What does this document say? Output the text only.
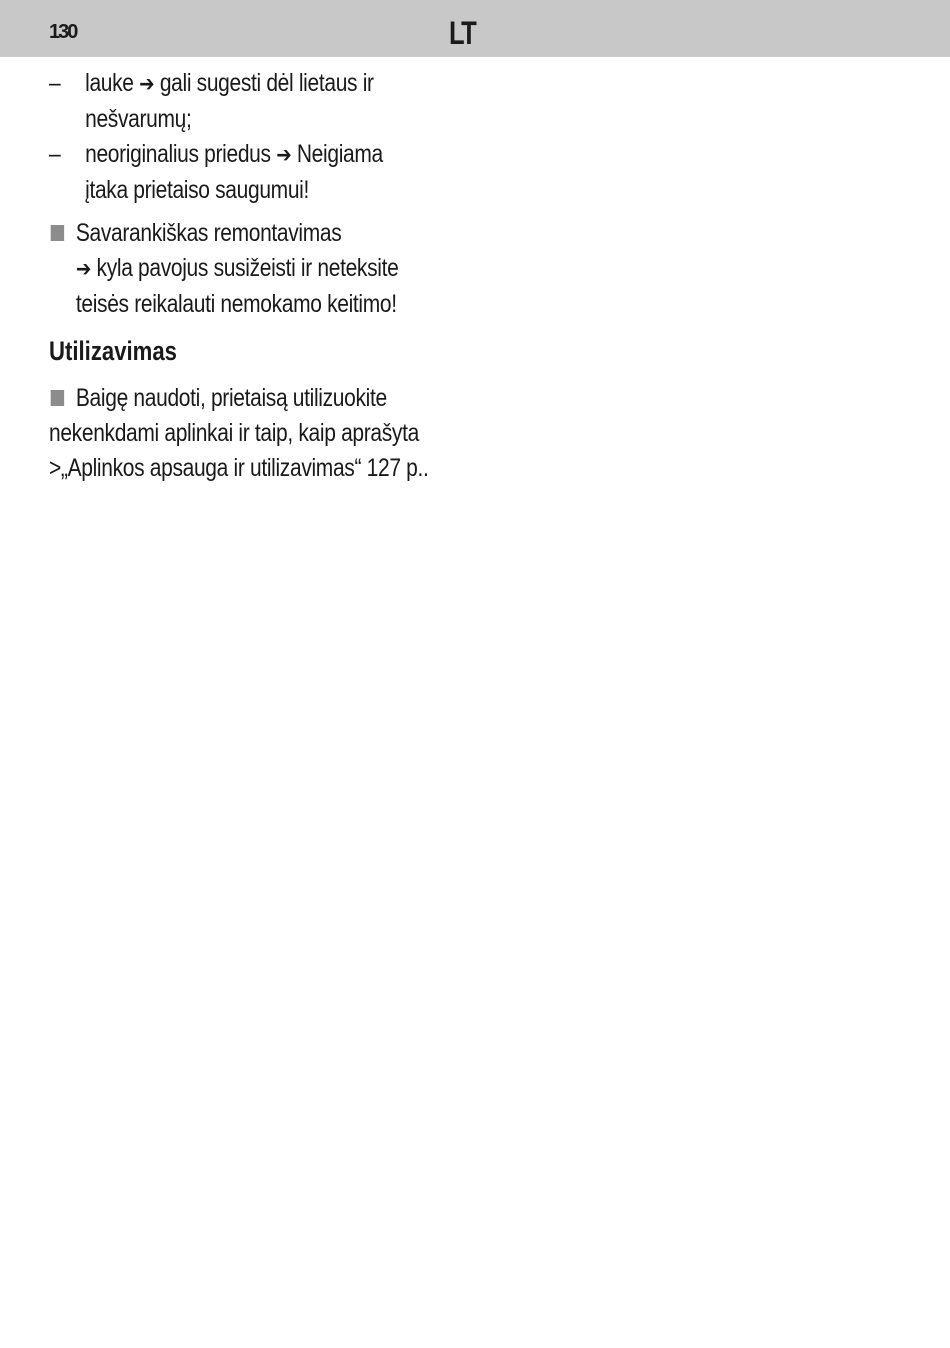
130	LT
– lauke ➔ gali sugesti dėl lietaus ir
nešvarumų;
– neoriginalius priedus ➔ Neigiama
įtaka prietaiso saugumui!
Savarankiškas remontavimas
➔ kyla pavojus susižeisti ir neteksite
teisės reikalauti nemokamo keitimo!
Utilizavimas
Baigę naudoti, prietaisą utilizuokite
nekenkdami aplinkai ir taip, kaip aprašyta
>„Aplinkos apsauga ir utilizavimas“ 127 p..
